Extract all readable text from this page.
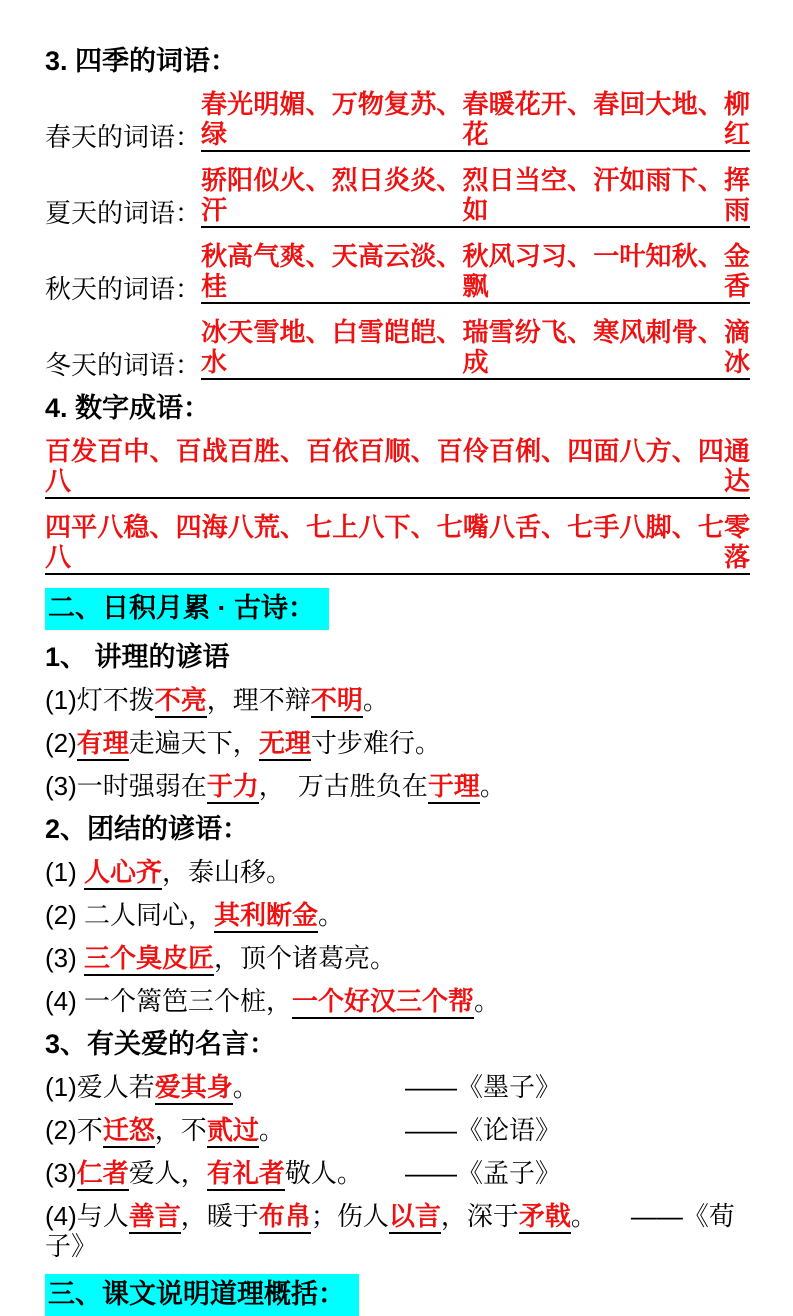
3. 四季的词语：
春天的词语：
春光明媚、万物复苏、春暖花开、春回大地、柳绿花红
夏天的词语：
骄阳似火、烈日炎炎、烈日当空、汗如雨下、挥汗如雨
秋天的词语：
秋高气爽、天高云淡、秋风习习、一叶知秋、金桂飘香
冬天的词语：
冰天雪地、白雪皑皑、瑞雪纷飞、寒风刺骨、滴水成冰
4. 数字成语：
百发百中、百战百胜、百依百顺、百伶百俐、四面八方、四通八达
四平八稳、四海八荒、七上八下、七嘴八舌、七手八脚、七零八落
二、日积月累 · 古诗：
1、 讲理的谚语

(1)灯不拨不亮，理不辩不明。

(2)有理走遍天下，无理寸步难行。

(3)一时强弱在于力，　万古胜负在于理。

2、团结的谚语：

(1) 人心齐，泰山移。

(2) 二人同心，其利断金。

(3) 三个臭皮匠，顶个诸葛亮。

(4) 一个篱笆三个桩，一个好汉三个帮。

3、有关爱的名言：

(1)爱人若爱其身。	——《墨子》

(2)不迁怒，不贰过。	——《论语》

(3)仁者爱人，有礼者敬人。 ——《孟子》

(4)与人善言，暖于布帛；伤人以言，深于矛戟。 ——《荀子》

三、课文说明道理概括：
